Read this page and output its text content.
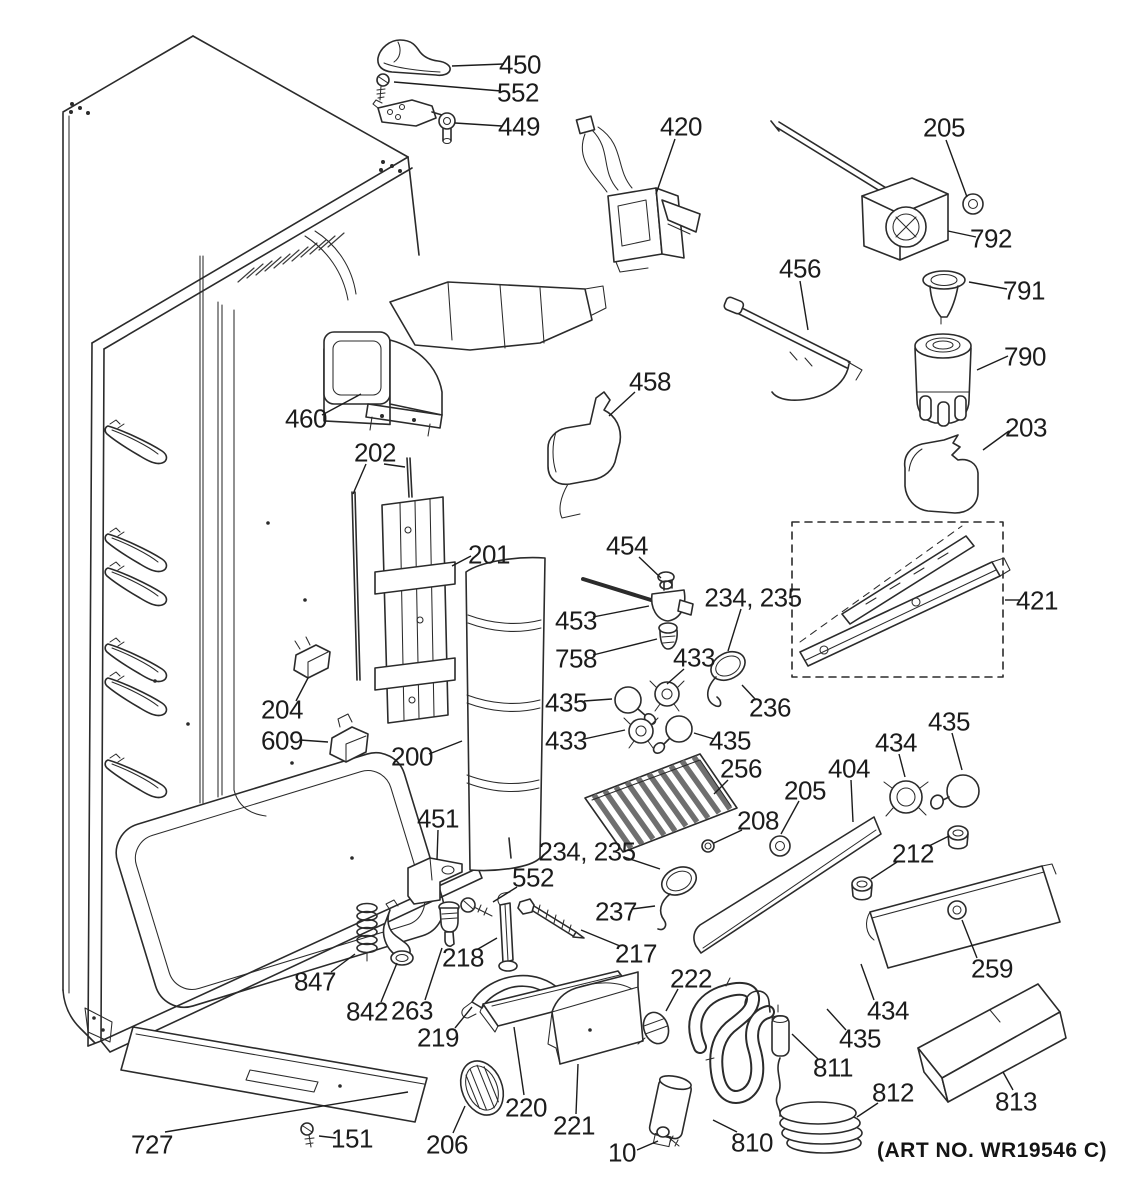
450
552
449	420	205
792
456
791
790
458
203
460
202
201	454
453
758
234, 235	421
433
435	236
433	435
204
609
200	256	404
434
435
205
208
212
451
552
234, 235
237
218	217	259
222
847
842 263
219
434
435
811
220
221
206	10	810
812	813
727	151	(ART NO. WR19546 C)
